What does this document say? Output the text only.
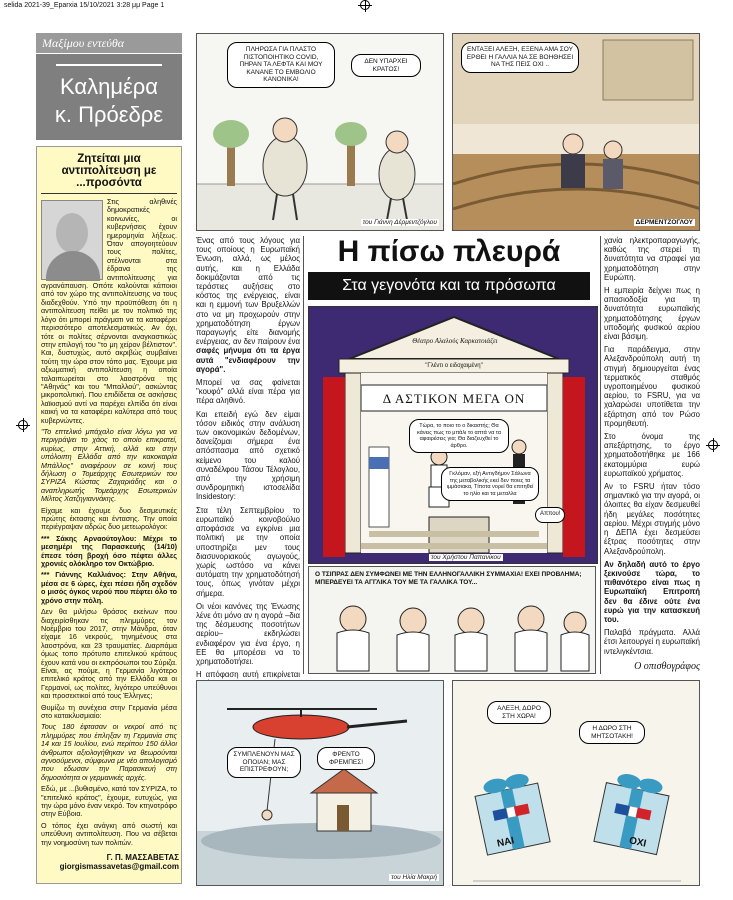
selida 2021-39_Eparxia 15/10/2021 3:28 μμ Page 1
Μαξίμου εντεύθα
Καλημέρα
κ. Πρόεδρε
Ζητείται μια αντιπολίτευση με ...προσόντα

Στις αληθινές δημοκρατικές κοινωνίες, οι κυβερνήσεις έχουν ημερομηνία λήξεως. Όταν απογοητεύουν τους πολίτες, στέλνονται στα έδρανα της αντιπολίτευσης για αγρανάπαυση. Οπότε καλούνται κάποιοι από τον χώρο της αντιπολίτευσης να τους διαδεχθούν. Υπό την προϋπόθεση ότι η αντιπολίτευση πείθει με τον πολιτικό της λόγο ότι μπορεί πράγματι να τα καταφέρει περισσότερο αποτελεσματικώς. Αν όχι, τότε οι πολίτες σέρνονται αναγκαστικώς στην επιλογή του "το μη χείρον βέλτιστον". Και, δυστυχώς, αυτό ακριβώς συμβαίνει τούτη την ώρα στον τόπο μας. Έχουμε μια αξιωματική αντιπολίτευση η οποία ταλαιπωρείται στο λαοστρόνα της "Αθηνάς" και του "Μπαλλού", ασκώντας μικροπολιτική. Που επιδίδεται σε ασκήσεις λαϊκισμού αντί να παρέχει ελπίδα ότι είναι καική να τα καταφέρει καλύτερα από τους κυβερνώντες.

"Το επτελικό μπάχαλο είναι λόγω για να περιγράψει το χάος το οποίο επικρατεί, κυρίως, στην Αττική, αλλά και στην υπόλοιπη Ελλάδα από την κακοκαιρία Μπάλλος" αναφέρουν σε κοινή τους δήλωση ο Τομεάρχης Εσωτερικών του ΣΥΡΙΖΑ Κώστας Ζαχαριάδης και ο αναπληρωτής Τομεάρχης Εσωτερικών Μίλτος Χατζηγιαννάκης.

Είχαμε και έχουμε δυο δεσμευτικές πρώτης έκτασης και έντασης. Την οποία περιέγραψαν αδρώς δυο μετεωρολόγοι:

*** Σάκης Αρναούτογλου: Μέχρι το μεσημέρι της Παρασκευής (14/10) έπεσε τόση βροχή όσο πέφτει άλλες χρονιές ολόκληρο τον Οκτώβριο.

*** Γιάννης Καλλιάνος: Στην Αθήνα, μέσα σε 6 ώρες, έχει πέσει ήδη σχεδόν ο μισός όγκος νερού που πέφτει όλο το χρόνο στην πόλη.

Δεν θα μιλήσω θράσος εκείνων που διαχειρίσθηκαν τις πλημμύρες τον Νοέμβριο του 2017, στην Μάνδρα, όταν είχαμε 16 νεκρούς, τηνημένους στα λαοστρόνα, και 23 τραυματίες. Διαρπάμα όμως τοπο πρότυπο επιτελικού κράτους έχουν κατά νου οι εκπρόσωποι του Σύριζα. Είναι, ας πούμε, η Γερμανία λιγότερο επιτελικό κράτος από την Ελλάδα και οι Γερμανοί, ως πολίτες, λιγότερο υπεύθυνοι και προσεκτικοί από τους Έλληνες;

Θυμίζω τη συνέχεια στην Γερμανία μέσα στο κατακλυσμιαίο:

Τους 180 έφτασαν οι νεκροί από τις πλημμύρες που έπληξαν τη Γερμανία στις 14 και 15 Ιουλίου, ενώ περίπου 150 άλλοι άνθρωποι αξιολογήθηκαν να θεωρούνται αγνοούμενοι, σύμφωνα με νέο απολογισμό που εδωσαν την Παρασκευή στη δημοσιότητα οι γερμανικές αρχές.

Εδώ, με ...βυθισμένο, κατά τον ΣΥΡΙΖΑ, το "επιτελικό κράτος", έχουμε, ευτυχώς, για την ώρα μόνο έναν νεκρό. Τον κτηνοτρόφο στην Εύβοια.

Ο τόπος έχει ανάγκη από σωστή και υπεύθυνη αντιπολίτευση. Που να σέβεται την νοημοσύνη των πολιτών.

Γ. Π. ΜΑΣΣΑΒΕΤΑΣ
giorgismassavetas@gmail.com
ΠΛΗΡΩΣΑ ΓΙΑ ΠΛΑΣΤΟ ΠΙΣΤΟΠΟΙΗΤΙΚΟ COVID, ΠΗΡΑΝ ΤΑ ΛΕΦΤΑ ΚΑΙ ΜΟΥ ΚΑΝΑΝΕ ΤΟ ΕΜΒΟΛΙΟ ΚΑΝΟΝΙΚΑ!
ΔΕΝ ΥΠΑΡΧΕΙ ΚΡΑΤΟΣ!
του Γιάννη Δέρμεντζόγλου
ΕΝΤΑΞΕΙ ΑΛΕΞΗ, ΕΞΕΝΑ ΑΜΑ ΣΟΥ ΕΡΘΕΙ Η ΓΑΛΛΙΑ ΝΑ ΣΕ ΒΟΗΘΗΣΕΙ ΝΑ ΤΗΣ ΠΕΙΣ ΟΧΙ ..
ΔΕΡΜΕΝΤΖΟΓΛΟΥ
Η πίσω πλευρά
Στα γεγονότα και τα πρόσωπα

Ένας από τους λόγους για τους οποίους η Ευρωπαϊκή Ένωση, αλλά, ως μέλος αυτής, και η Ελλάδα δοκιμάζονται από τις τεράστιες αυξήσεις στο κόστος της ενέργειας, είναι και η εμμονή των Βρυξελλών στο να μη προχωρούν στην χρηματοδότηση έργων παραγωγής είτε διανομής ενέργειας, αν δεν παίρουν ένα σαφές μήνυμα ότι τα έργα αυτά "ενδιαφέρουν την αγορά".

Μπορεί να σας φαίνεται "κουφό" αλλά είναι πέρα για πέρα αληθινό.

Και επειδή εγώ δεν είμαι τόσον ειδικός στην ανάλυση των οικονομικών δεδομένων, δανείζομαι σήμερα ένα απόσπασμα από σχετικό κείμενο του καλού συναδέλφου Τάσου Τέλογλου, από την χρήσιμη συνδρομητική ιστοσελίδα Insidestory:

Στα τέλη Σεπτεμβρίου το ευρωπαϊκό κοινοβούλιο αποφάσισε να εγκρίνει μια πολιτική με την οποία υποστηρίζει μεν τους διασυνοριακούς αγωγούς, χωρίς ωστόσο να κάνει αυτόματη την χρηματοδότησή τους, όπως γινόταν μέχρι σήμερα.

Οι νέοι κανόνες της Ένωσης λένε ότι μόνο αν η αγορά –δια της δέσμευσης ποσοτήτων αερίου– εκδηλώσει ενδιαφέρον για ένα έργο, η ΕΕ θα μπορέσει να το χρηματοδοτήσει.

Η απόφαση αυτή επικρίνεται

χανία ηλεκτροπαραγωγής, καθώς της στερεί τη δυνατότητα να στραφεί για χρηματοδότηση στην Ευρώπη.

Η εμπειρία δείχνει πως η απασιοδοξία για τη δυνατότητα ευρωπαϊκής χρηματοδότησης έργων υποδομής φυσικού αερίου είναι βάσιμη.

Για παράδειγμα, στην Αλεξανδρούπολη αυτή τη στιγμή δημιουργείται ένας τερματικός σταθμός υγροποιημένου φυσικού αερίου, το FSRU, για να χαλαρώσει υποτίθεται την εξάρτηση από τον Ρώσο προμηθευτή.

Στο όνομα της απεξάρτησης, το έργο χρηματοδοτήθηκε με 166 εκατομμύρια ευρώ ευρωπαϊκού χρήματος.

Αν το FSRU ήταν τόσο σημαντικό για την αγορά, οι όλοιπες θα είχαν δεσμευθεί ήδη μεγάλες ποσότητες αερίου. Μέχρι στιγμής μόνο η ΔΕΠΑ έχει δεσμεύσει έξτρας ποσότητες στην Αλεξανδρούπολη.

Αν δηλαδή αυτό το έργο ξεκινούσε τώρα, το πιθανότερο είναι πως η Ευρωπαϊκή Επιτροπή δεν θα έδινε ούτε ένα ευρώ για την κατασκευή του.

Παλαβά πράγματα. Αλλά έτσι λειτουργεί η ευρωπαϊκή ιντελιγκέντσια.

Ο οπισθογράφος

Θέατρο Αλαλούς Καρκατοιάζει
"Γλέντι ο ειδοχαιμένη"
Δ ΑΣΤΙΚΟΝ ΜΕΓΑ ΟΝ
Τώρα, το ποιο το ο δικαστής; Θα κάνεις πως το μπάλι το απτά να τα αφαιρέσεις για; Θα διαζευχθεί το άρθρο.
Γκλόμαν, εξή Αντιγδήμον Σάλωνα της μεταβολικής εκεί δεν ποιες τα ιμμάσιακα, Τίποτα νορεί θα επιτηθεί το ηλίο και τα μεταλλα
Αππου!
του Χρήστου Παπανίκου
Ο ΤΣΙΠΡΑΣ ΔΕΝ ΣΥΜΦΩΝΕΙ ΜΕ ΤΗΝ ΕΛΛΗΝΟΓΑΛΛΙΚΗ ΣΥΜΜΑΧΙΑ! ΕΧΕΙ ΠΡΟΒΛΗΜΑ; ΜΠΕΡΔΕΥΕΙ ΤΑ ΑΓΓΛΙΚΑ ΤΟΥ ΜΕ ΤΑ ΓΑΛΛΙΚΑ ΤΟΥ...
ΣΥΜΠΛΕΝΟΥΝ ΜΑΣ ΟΠΟΙΑΝ; ΜΑΣ ΕΠΙΣΤΡΕΦΟΥΝ;
ΦΡΕΝΤΟ ΦΡΕΜΠΕΣ!
του Ηλία Μακρή
ΑΛΕΞΗ, ΔΩΡΟ ΣΤΗ ΧΩΡΑ!
Η ΔΩΡΟ ΣΤΗ ΜΗΤΣΟΤΑΚΗ!
ΝΑΙ	ΟΧΙ
